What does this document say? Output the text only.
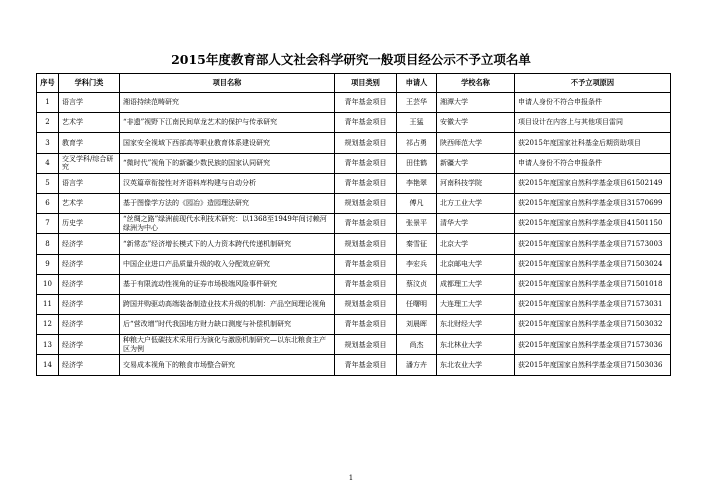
2015年度教育部人文社会科学研究一般项目经公示不予立项名单
序号	学科门类	项目名称	项目类别	申请人	学校名称	不予立项原因
1	语言学	湘语持续范畴研究	青年基金项目	王芸华	湘潭大学	申请人身份不符合申报条件
2	艺术学	“非遗”视野下江南民间草龙艺术的保护与传承研究	青年基金项目	王猛	安徽大学	项目设计在内容上与其他项目雷同
3	教育学	国家安全视域下西部高等职业教育体系建设研究	规划基金项目	祁占勇	陕西师范大学	获2015年度国家社科基金后期资助项目
4	交叉学科/综合研究	“微时代”视角下的新疆少数民族的国家认同研究	青年基金项目	田佳鹤	新疆大学	申请人身份不符合申报条件
5	语言学	汉英篇章衔接性对齐语料库构建与自动分析	青年基金项目	李艳翠	河南科技学院	获2015年度国家自然科学基金项目61502149
6	艺术学	基于图像学方法的《园冶》造园理法研究	规划基金项目	傅凡	北方工业大学	获2015年度国家自然科学基金项目31570699
7	历史学	“丝绸之路”绿洲前现代水利技术研究：以1368至1949年间讨赖河绿洲为中心	青年基金项目	张景平	清华大学	获2015年度国家自然科学基金项目41501150
8	经济学	“新常态”经济增长模式下的人力资本跨代传递机制研究	规划基金项目	秦雪征	北京大学	获2015年度国家自然科学基金项目71573003
9	经济学	中国企业进口产品质量升级的收入分配效应研究	青年基金项目	李宏兵	北京邮电大学	获2015年度国家自然科学基金项目71503024
10	经济学	基于有限流动性视角的证券市场极端风险事件研究	青年基金项目	蔡汶贞	成都理工大学	获2015年度国家自然科学基金项目71501018
11	经济学	跨国并购驱动高端装备制造业技术升级的机制：产品空间理论视角	规划基金项目	任曙明	大连理工大学	获2015年度国家自然科学基金项目71573031
12	经济学	后“营改增”时代我国地方财力缺口测度与补偿机制研究	青年基金项目	刘晨晖	东北财经大学	获2015年度国家自然科学基金项目71503032
13	经济学	种粮大户低碳技术采用行为演化与激励机制研究—以东北粮食主产区为例	规划基金项目	尚杰	东北林业大学	获2015年度国家自然科学基金项目71573036
14	经济学	交易成本视角下的粮食市场整合研究	青年基金项目	潘方卉	东北农业大学	获2015年度国家自然科学基金项目71503036
1
